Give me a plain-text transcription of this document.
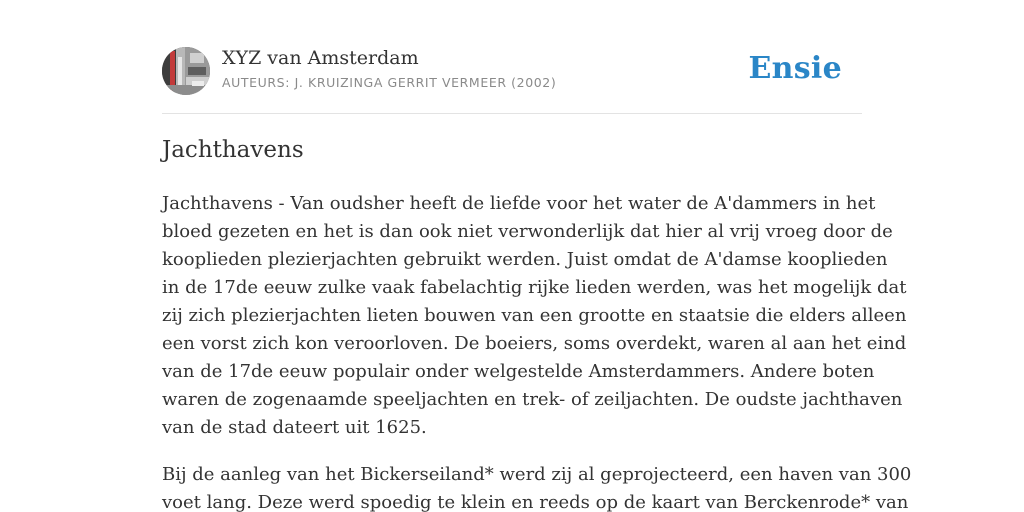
XYZ van Amsterdam
AUTEURS: J. KRUIZINGA GERRIT VERMEER (2002)	Ensie
Jachthavens

Jachthavens - Van oudsher heeft de liefde voor het water de A'dammers in het
bloed gezeten en het is dan ook niet verwonderlijk dat hier al vrij vroeg door de
kooplieden plezierjachten gebruikt werden. Juist omdat de A'damse kooplieden
in de 17de eeuw zulke vaak fabelachtig rijke lieden werden, was het mogelijk dat
zij zich plezierjachten lieten bouwen van een grootte en staatsie die elders alleen
een vorst zich kon veroorloven. De boeiers, soms overdekt, waren al aan het eind
van de 17de eeuw populair onder welgestelde Amsterdammers. Andere boten
waren de zogenaamde speeljachten en trek- of zeiljachten. De oudste jachthaven
van de stad dateert uit 1625.

Bij de aanleg van het Bickerseiland* werd zij al geprojecteerd, een haven van 300
voet lang. Deze werd spoedig te klein en reeds op de kaart van Berckenrode* van
